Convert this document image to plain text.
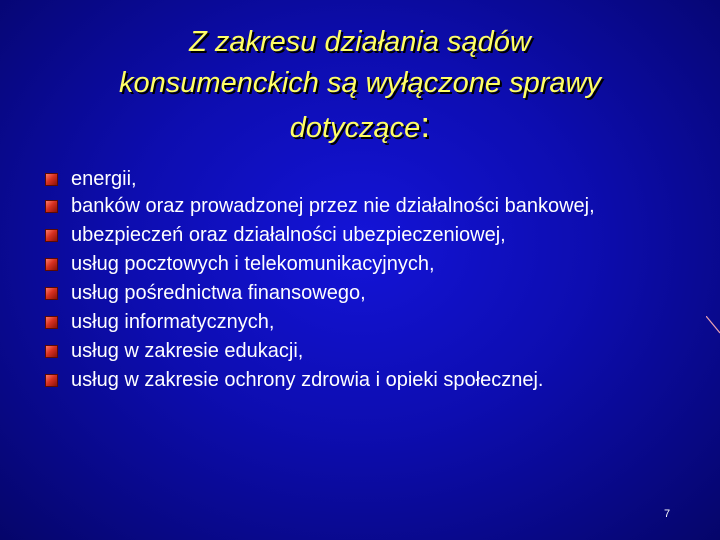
Z zakresu działania sądów
konsumenckich są wyłączone sprawy
dotyczące:
energii,
banków oraz prowadzonej przez nie działalności bankowej,
ubezpieczeń oraz działalności ubezpieczeniowej,
usług pocztowych i telekomunikacyjnych,
usług pośrednictwa finansowego,
usług informatycznych,
usług w zakresie edukacji,
usług w zakresie ochrony zdrowia i opieki społecznej.
7
